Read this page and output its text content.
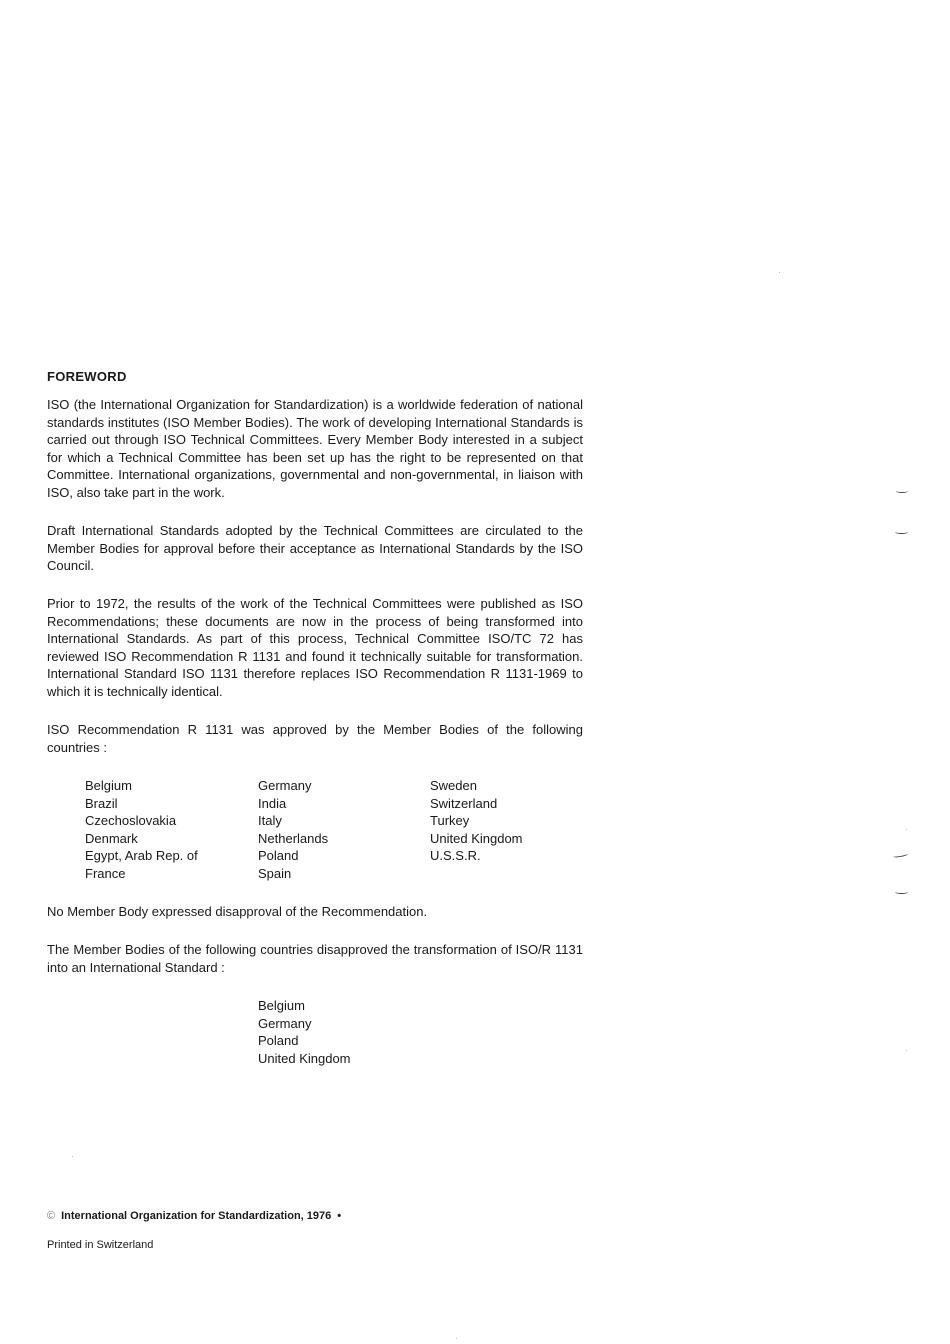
FOREWORD
ISO (the International Organization for Standardization) is a worldwide federation of national standards institutes (ISO Member Bodies). The work of developing International Standards is carried out through ISO Technical Committees. Every Member Body interested in a subject for which a Technical Committee has been set up has the right to be represented on that Committee. International organizations, governmental and non-governmental, in liaison with ISO, also take part in the work.
Draft International Standards adopted by the Technical Committees are circulated to the Member Bodies for approval before their acceptance as International Standards by the ISO Council.
Prior to 1972, the results of the work of the Technical Committees were published as ISO Recommendations; these documents are now in the process of being transformed into International Standards. As part of this process, Technical Committee ISO/TC 72 has reviewed ISO Recommendation R 1131 and found it technically suitable for transformation. International Standard ISO 1131 therefore replaces ISO Recommendation R 1131-1969 to which it is technically identical.
ISO Recommendation R 1131 was approved by the Member Bodies of the following countries :
Belgium
Brazil
Czechoslovakia
Denmark
Egypt, Arab Rep. of
France
Germany
India
Italy
Netherlands
Poland
Spain
Sweden
Switzerland
Turkey
United Kingdom
U.S.S.R.
No Member Body expressed disapproval of the Recommendation.
The Member Bodies of the following countries disapproved the transformation of ISO/R 1131 into an International Standard :
Belgium
Germany
Poland
United Kingdom
© International Organization for Standardization, 1976 •
Printed in Switzerland
